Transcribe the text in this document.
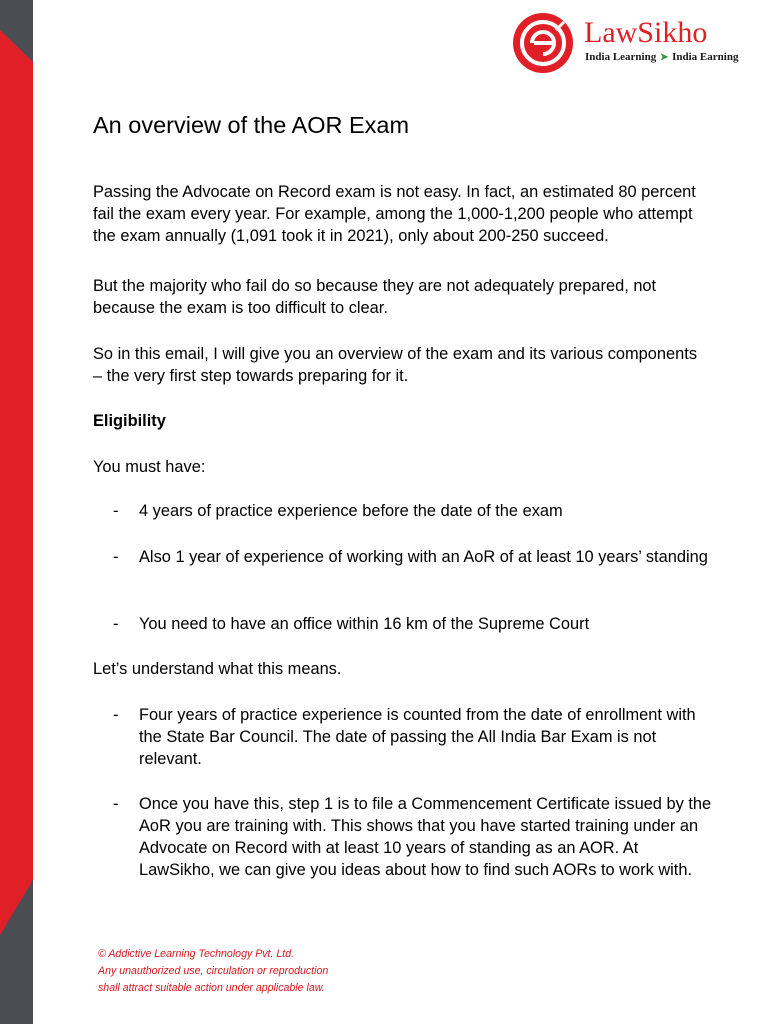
LawSikho
India Learning ➤ India Earning
An overview of the AOR Exam

Passing the Advocate on Record exam is not easy. In fact, an estimated 80 percent fail the exam every year. For example, among the 1,000-1,200 people who attempt the exam annually (1,091 took it in 2021), only about 200-250 succeed.

But the majority who fail do so because they are not adequately prepared, not because the exam is too difficult to clear.

So in this email, I will give you an overview of the exam and its various components – the very first step towards preparing for it.

Eligibility

You must have:

- 4 years of practice experience before the date of the exam
- Also 1 year of experience of working with an AoR of at least 10 years’ standing
- You need to have an office within 16 km of the Supreme Court

Let’s understand what this means.

- Four years of practice experience is counted from the date of enrollment with the State Bar Council. The date of passing the All India Bar Exam is not relevant.
- Once you have this, step 1 is to file a Commencement Certificate issued by the AoR you are training with. This shows that you have started training under an Advocate on Record with at least 10 years of standing as an AOR. At LawSikho, we can give you ideas about how to find such AORs to work with.
© Addictive Learning Technology Pvt. Ltd.
Any unauthorized use, circulation or reproduction
shall attract suitable action under applicable law.
